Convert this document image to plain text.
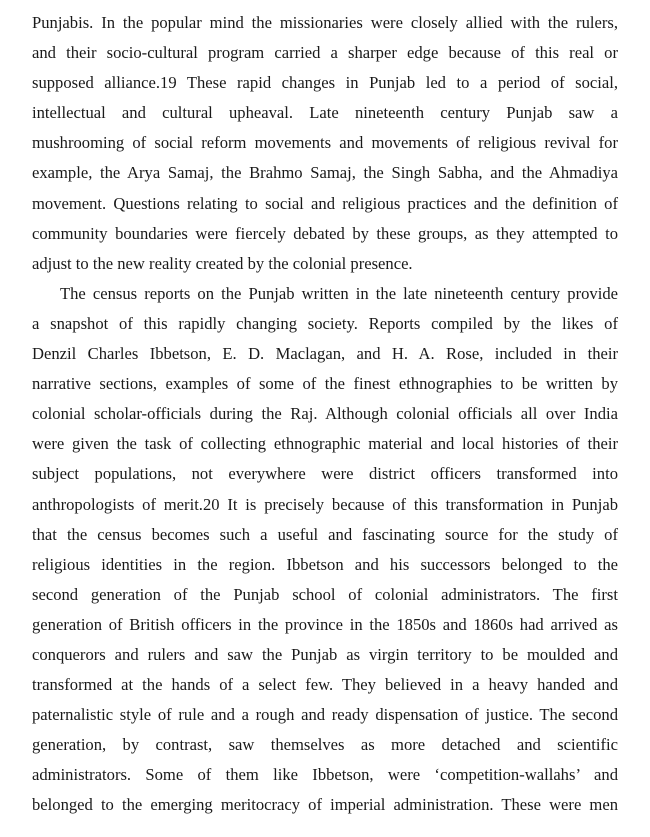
Punjabis. In the popular mind the missionaries were closely allied with the rulers,
and their socio-cultural program carried a sharper edge because of this real or
supposed alliance.19 These rapid changes in Punjab led to a period of social,
intellectual and cultural upheaval. Late nineteenth century Punjab saw a
mushrooming of social reform movements and movements of religious revival for
example, the Arya Samaj, the Brahmo Samaj, the Singh Sabha, and the Ahmadiya
movement. Questions relating to social and religious practices and the definition of
community boundaries were fiercely debated by these groups, as they attempted to
adjust to the new reality created by the colonial presence.
The census reports on the Punjab written in the late nineteenth century provide
a snapshot of this rapidly changing society. Reports compiled by the likes of
Denzil Charles Ibbetson, E. D. Maclagan, and H. A. Rose, included in their
narrative sections, examples of some of the finest ethnographies to be written by
colonial scholar-officials during the Raj. Although colonial officials all over India
were given the task of collecting ethnographic material and local histories of their
subject populations, not everywhere were district officers transformed into
anthropologists of merit.20 It is precisely because of this transformation in Punjab
that the census becomes such a useful and fascinating source for the study of
religious identities in the region. Ibbetson and his successors belonged to the
second generation of the Punjab school of colonial administrators. The first
generation of British officers in the province in the 1850s and 1860s had arrived as
conquerors and rulers and saw the Punjab as virgin territory to be moulded and
transformed at the hands of a select few. They believed in a heavy handed and
paternalistic style of rule and a rough and ready dispensation of justice. The second
generation, by contrast, saw themselves as more detached and scientific
administrators. Some of them like Ibbetson, were ‘competition-wallahs’ and
belonged to the emerging meritocracy of imperial administration. These were men
